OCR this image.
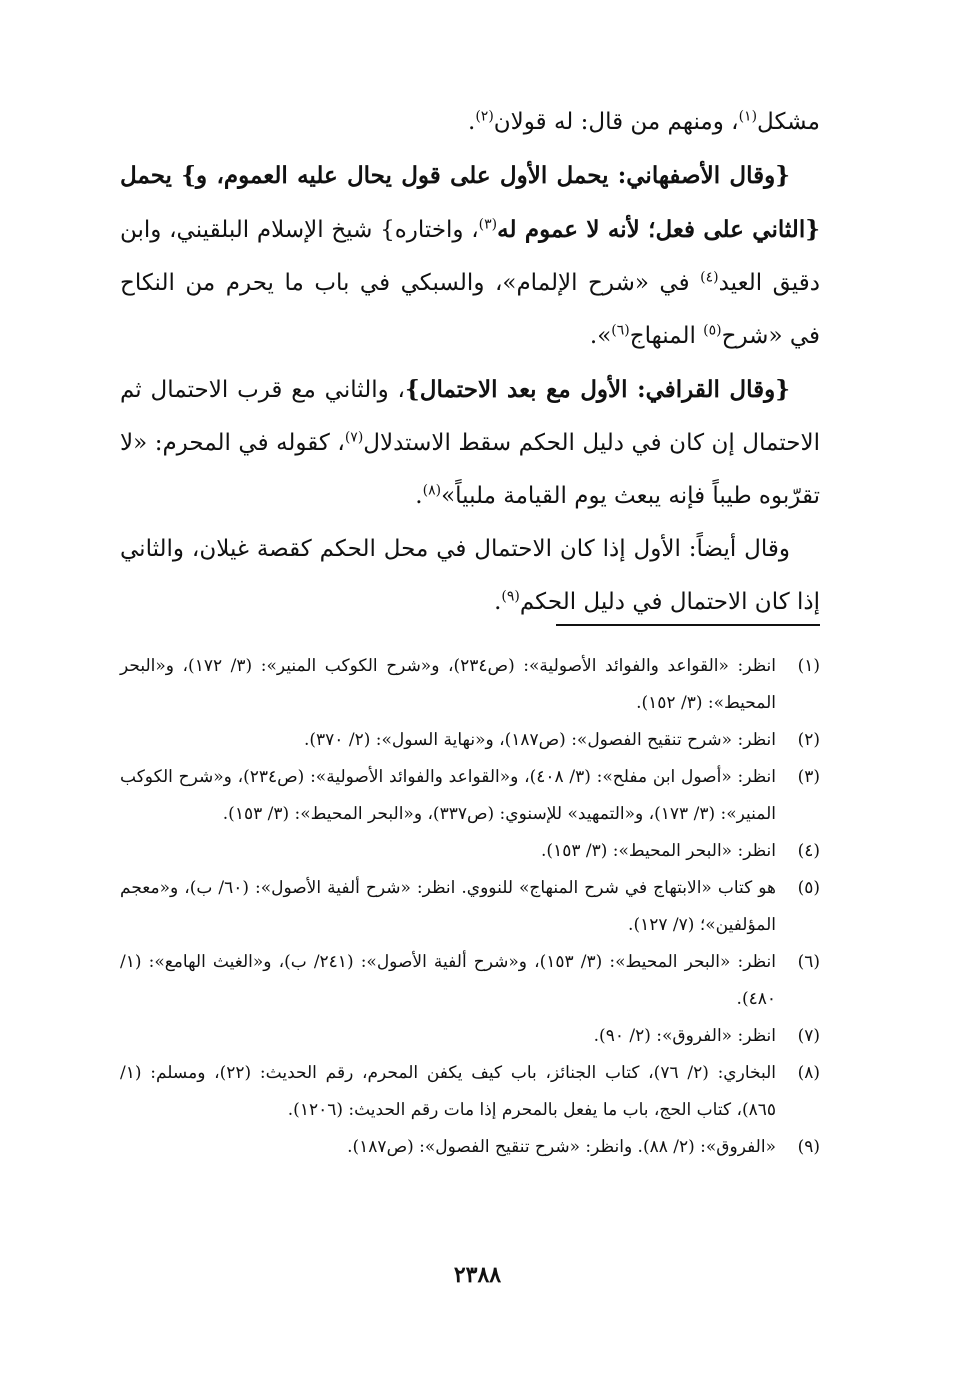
مشكل$^{(١)}$، ومنهم من قال: له قولان$^{(٢)}$.

{وقال الأصفهاني: يحمل الأول على قول يحال عليه العموم، و} يحمل {الثاني على فعل؛ لأنه لا عموم له$^{(٣)}$، واختاره} شيخ الإسلام البلقيني، وابن دقيق العيد$^{(٤)}$ في «شرح الإلمام»، والسبكي في باب ما يحرم من النكاح في «شرح$^{(٥)}$ المنهاج$^{(٦)}$».

{وقال القرافي: الأول مع بعد الاحتمال}، والثاني مع قرب الاحتمال ثم الاحتمال إن كان في دليل الحكم سقط الاستدلال$^{(٧)}$، كقوله في المحرم: «لا تقرّبوه طيباً فإنه يبعث يوم القيامة ملبياً»$^{(٨)}$.

وقال أيضاً: الأول إذا كان الاحتمال في محل الحكم كقصة غيلان، والثاني إذا كان الاحتمال في دليل الحكم$^{(٩)}$.

(١)
انظر: «القواعد والفوائد الأصولية»: (ص٢٣٤)، و«شرح الكوكب المنير»: (٣/ ١٧٢)، و«البحر المحيط»: (٣/ ١٥٢).
(٢)
انظر: «شرح تنقيح الفصول»: (ص١٨٧)، و«نهاية السول»: (٢/ ٣٧٠).
(٣)
انظر: «أصول ابن مفلح»: (٣/ ٤٠٨)، و«القواعد والفوائد الأصولية»: (ص٢٣٤)، و«شرح الكوكب المنير»: (٣/ ١٧٣)، و«التمهيد» للإسنوي: (ص٣٣٧)، و«البحر المحيط»: (٣/ ١٥٣).
(٤)
انظر: «البحر المحيط»: (٣/ ١٥٣).
(٥)
هو كتاب «الابتهاج في شرح المنهاج» للنووي. انظر: «شرح ألفية الأصول»: (٦٠/ ب)، و«معجم المؤلفين»؛ (٧/ ١٢٧).
(٦)
انظر: «البحر المحيط»: (٣/ ١٥٣)، و«شرح ألفية الأصول»: (٢٤١/ ب)، و«الغيث الهامع»: (١/ ٤٨٠).
(٧)
انظر: «الفروق»: (٢/ ٩٠).
(٨)
البخاري: (٢/ ٧٦)، كتاب الجنائز، باب كيف يكفن المحرم، رقم الحديث: (٢٢)، ومسلم: (١/ ٨٦٥)، كتاب الحج، باب ما يفعل بالمحرم إذا مات رقم الحديث: (١٢٠٦).
(٩)
«الفروق»: (٢/ ٨٨). وانظر: «شرح تنقيح الفصول»: (ص١٨٧).
٢٣٨٨
